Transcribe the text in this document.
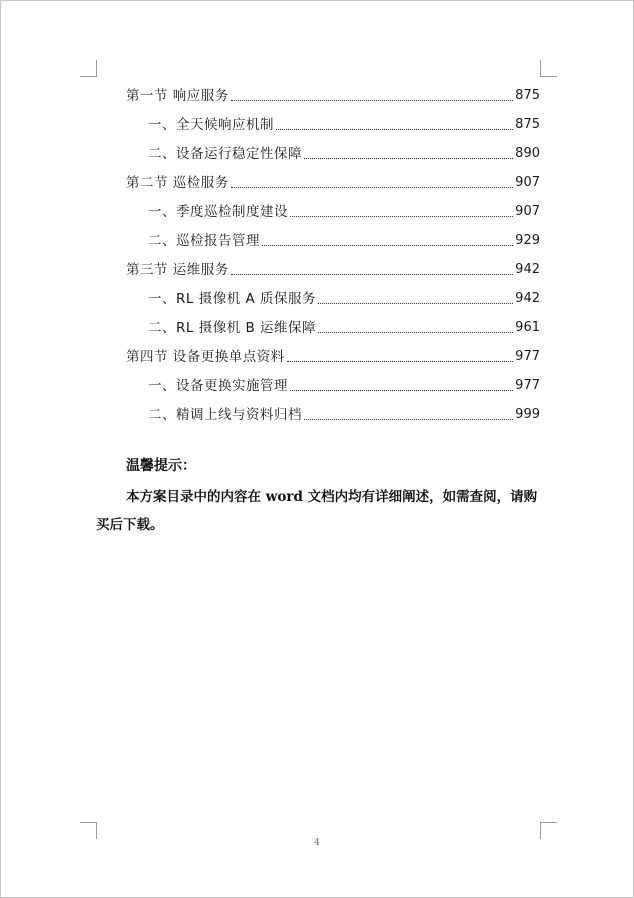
第一节 响应服务	875
一、全天候响应机制	875
二、设备运行稳定性保障	890
第二节 巡检服务	907
一、季度巡检制度建设	907
二、巡检报告管理	929
第三节 运维服务	942
一、RL 摄像机 A 质保服务	942
二、RL 摄像机 B 运维保障	961
第四节 设备更换单点资料	977
一、设备更换实施管理	977
二、精调上线与资料归档	999
温馨提示：
本方案目录中的内容在 word 文档内均有详细阐述，如需查阅，请购买后下载。
4
